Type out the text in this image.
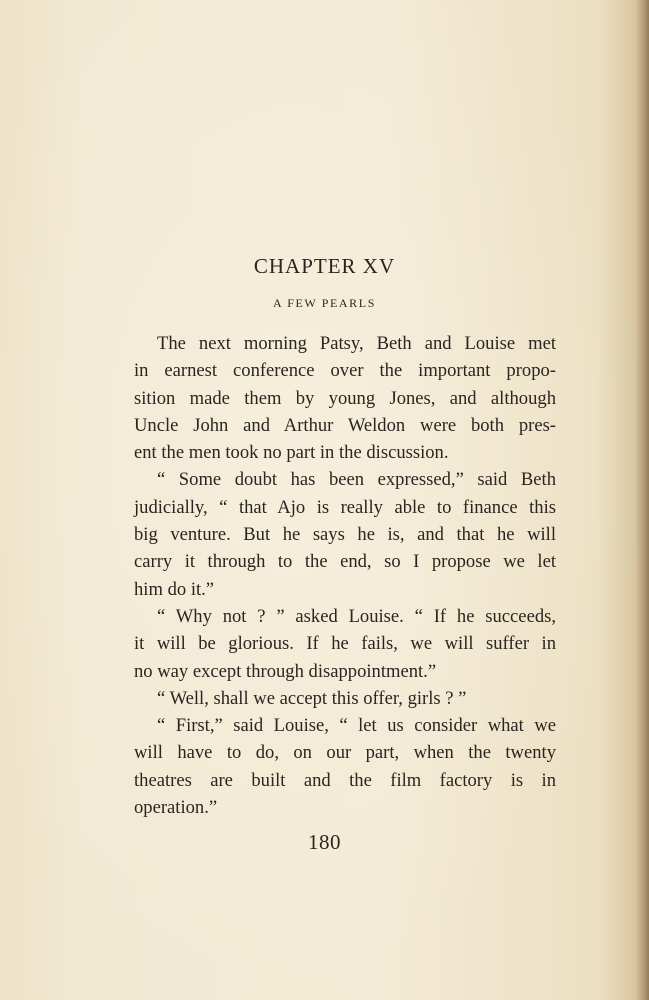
CHAPTER XV
A FEW PEARLS
The next morning Patsy, Beth and Louise met
in earnest conference over the important propo-
sition made them by young Jones, and although
Uncle John and Arthur Weldon were both pres-
ent the men took no part in the discussion.
“ Some doubt has been expressed,” said Beth
judicially, “ that Ajo is really able to finance this
big venture. But he says he is, and that he will
carry it through to the end, so I propose we let
him do it.”
“ Why not ? ” asked Louise. “ If he succeeds,
it will be glorious. If he fails, we will suffer in
no way except through disappointment.”
“ Well, shall we accept this offer, girls ? ”
“ First,” said Louise, “ let us consider what we
will have to do, on our part, when the twenty
theatres are built and the film factory is in
operation.”
180
